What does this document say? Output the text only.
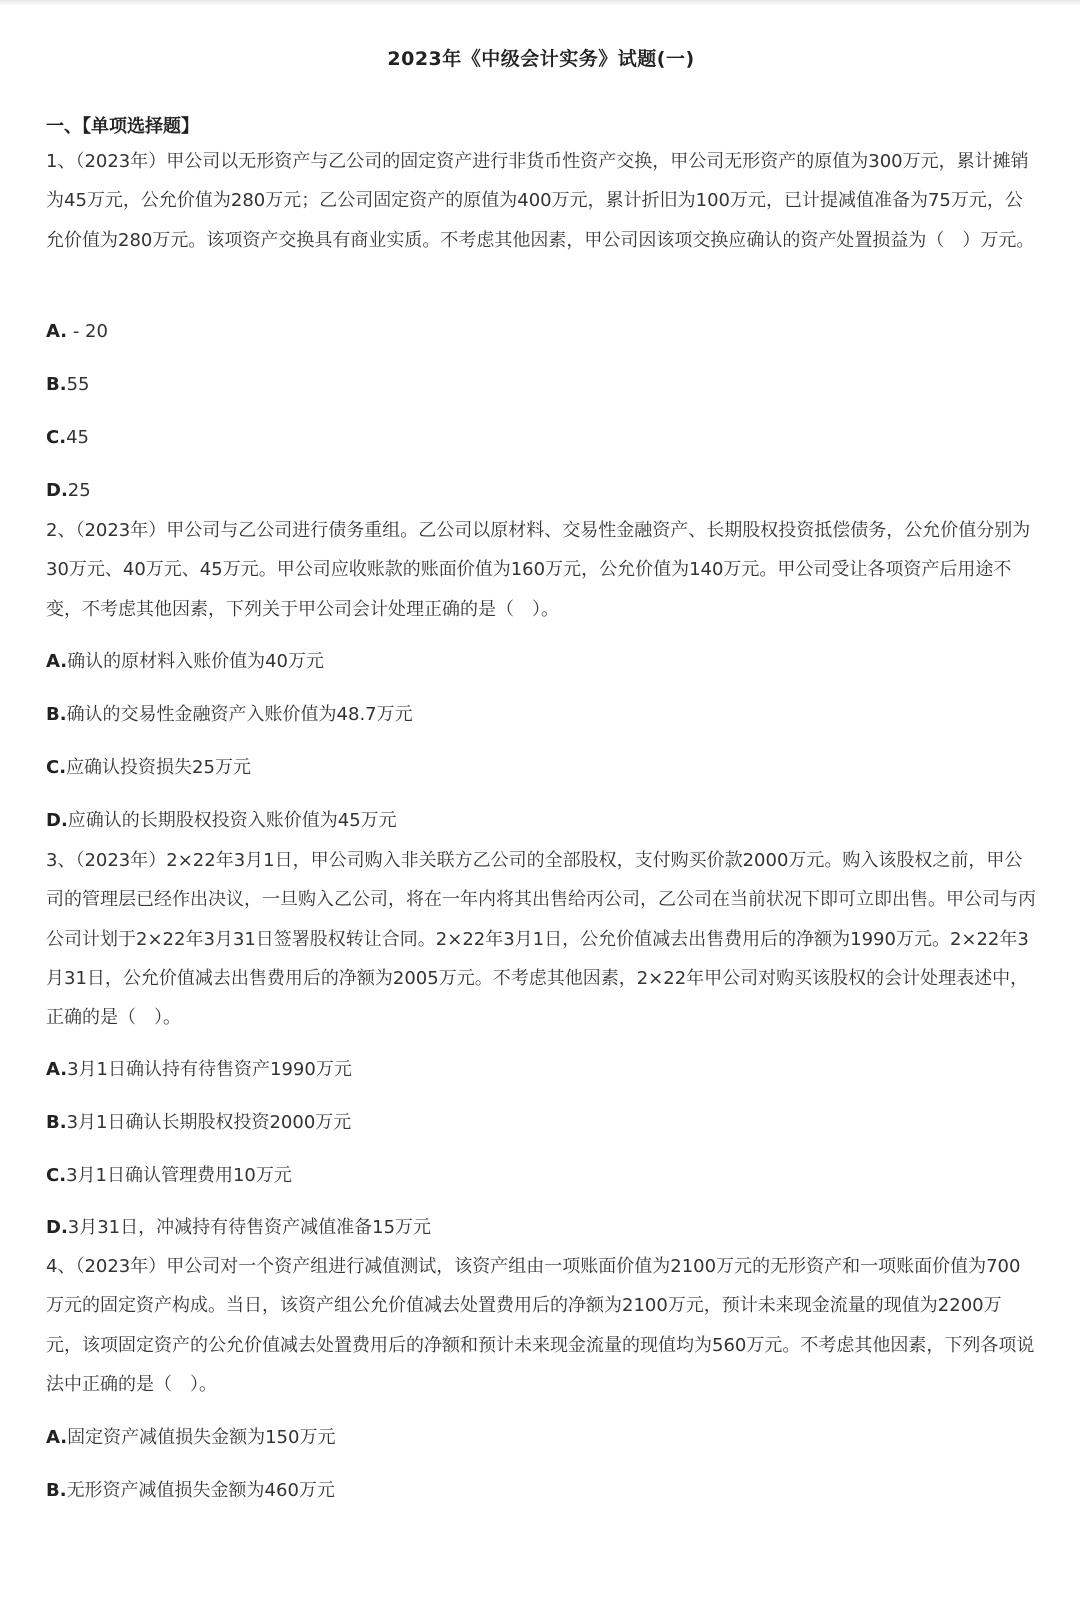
2023年《中级会计实务》试题(一)
一、【单项选择题】
1、（2023年）甲公司以无形资产与乙公司的固定资产进行非货币性资产交换，甲公司无形资产的原值为300万元，累计摊销为45万元，公允价值为280万元；乙公司固定资产的原值为400万元，累计折旧为100万元，已计提减值准备为75万元，公允价值为280万元。该项资产交换具有商业实质。不考虑其他因素，甲公司因该项交换应确认的资产处置损益为（　）万元。
A. - 20
B.55
C.45
D.25
2、（2023年）甲公司与乙公司进行债务重组。乙公司以原材料、交易性金融资产、长期股权投资抵偿债务，公允价值分别为30万元、40万元、45万元。甲公司应收账款的账面价值为160万元，公允价值为140万元。甲公司受让各项资产后用途不变，不考虑其他因素，下列关于甲公司会计处理正确的是（　）。
A.确认的原材料入账价值为40万元
B.确认的交易性金融资产入账价值为48.7万元
C.应确认投资损失25万元
D.应确认的长期股权投资入账价值为45万元
3、（2023年）2×22年3月1日，甲公司购入非关联方乙公司的全部股权，支付购买价款2000万元。购入该股权之前，甲公司的管理层已经作出决议，一旦购入乙公司，将在一年内将其出售给丙公司，乙公司在当前状况下即可立即出售。甲公司与丙公司计划于2×22年3月31日签署股权转让合同。2×22年3月1日，公允价值减去出售费用后的净额为1990万元。2×22年3月31日，公允价值减去出售费用后的净额为2005万元。不考虑其他因素，2×22年甲公司对购买该股权的会计处理表述中，正确的是（　）。
A.3月1日确认持有待售资产1990万元
B.3月1日确认长期股权投资2000万元
C.3月1日确认管理费用10万元
D.3月31日，冲减持有待售资产减值准备15万元
4、（2023年）甲公司对一个资产组进行减值测试，该资产组由一项账面价值为2100万元的无形资产和一项账面价值为700万元的固定资产构成。当日，该资产组公允价值减去处置费用后的净额为2100万元，预计未来现金流量的现值为2200万元，该项固定资产的公允价值减去处置费用后的净额和预计未来现金流量的现值均为560万元。不考虑其他因素，下列各项说法中正确的是（　）。
A.固定资产减值损失金额为150万元
B.无形资产减值损失金额为460万元
